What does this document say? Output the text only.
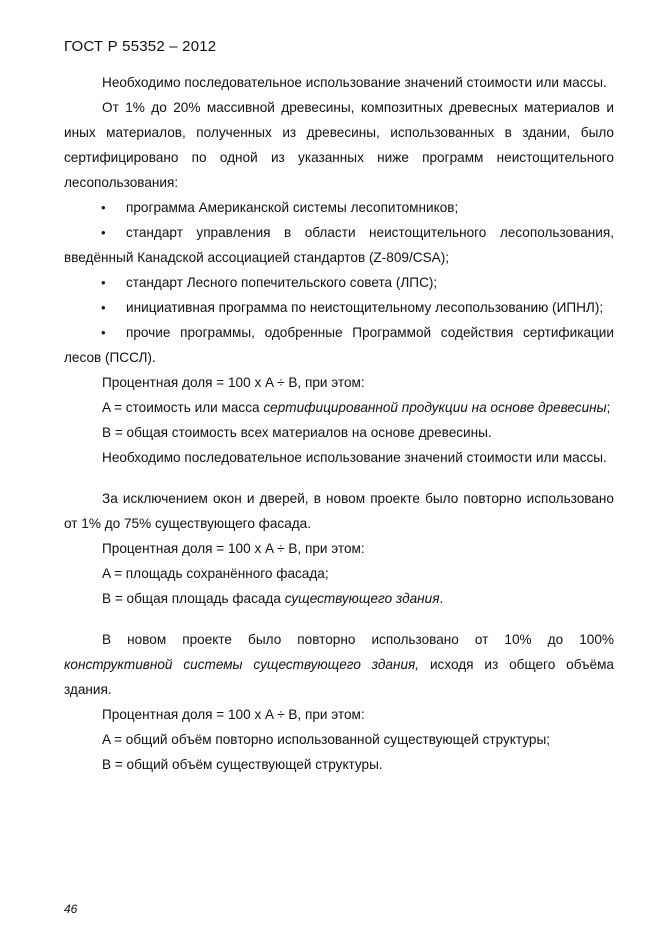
ГОСТ Р 55352 – 2012

Необходимо последовательное использование значений стоимости или массы.

От 1% до 20% массивной древесины, композитных древесных материалов и иных материалов, полученных из древесины, использованных в здании, было сертифицировано по одной из указанных ниже программ неистощительного лесопользования:

• программа Американской системы лесопитомников;

• стандарт управления в области неистощительного лесопользования, введённый Канадской ассоциацией стандартов (Z-809/CSA);

• стандарт Лесного попечительского совета (ЛПС);

• инициативная программа по неистощительному лесопользованию (ИПНЛ);

• прочие программы, одобренные Программой содействия сертификации лесов (ПССЛ).

Процентная доля = 100 х A ÷ B, при этом:

A = стоимость или масса сертифицированной продукции на основе древесины;

B = общая стоимость всех материалов на основе древесины.

Необходимо последовательное использование значений стоимости или массы.

За исключением окон и дверей, в новом проекте было повторно использовано от 1% до 75% существующего фасада.

Процентная доля = 100 х A ÷ B, при этом:

A = площадь сохранённого фасада;

B = общая площадь фасада существующего здания.

В новом проекте было повторно использовано от 10% до 100% конструктивной системы существующего здания, исходя из общего объёма здания.

Процентная доля = 100 х A ÷ B, при этом:

A = общий объём повторно использованной существующей структуры;

B = общий объём существующей структуры.

46
